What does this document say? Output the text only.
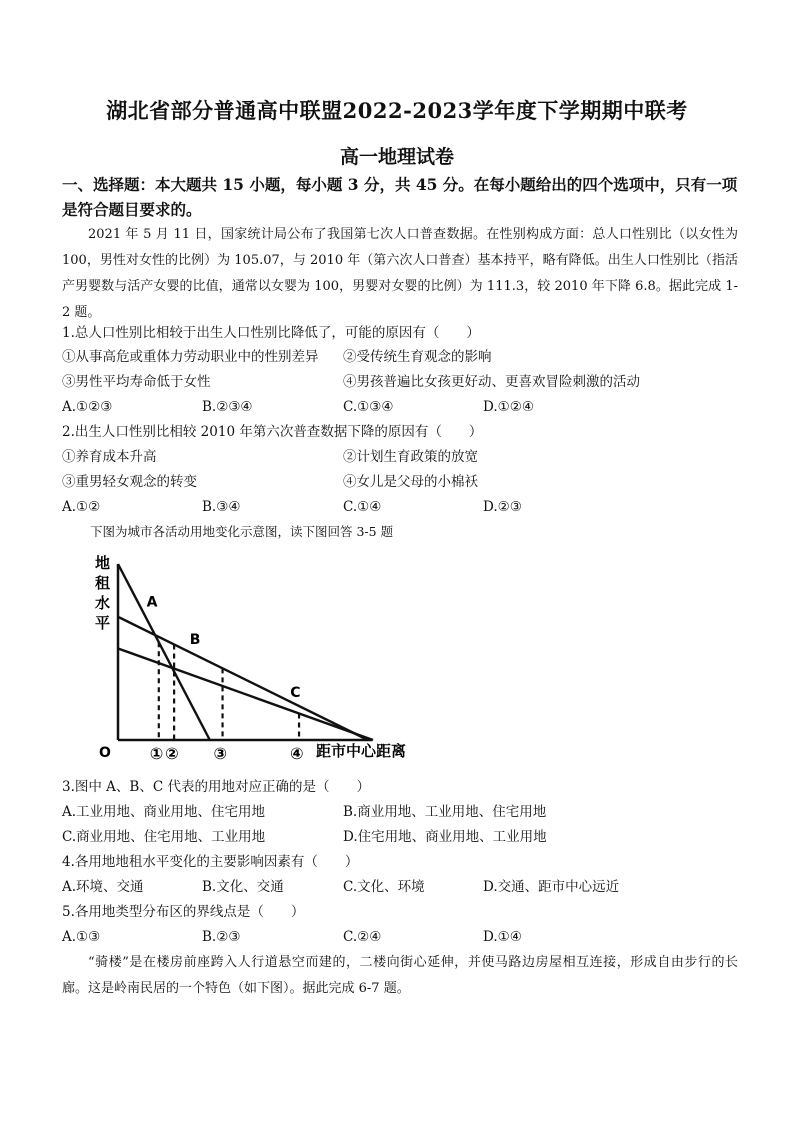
湖北省部分普通高中联盟2022-2023学年度下学期期中联考
高一地理试卷
一、选择题：本大题共 15 小题，每小题 3 分，共 45 分。在每小题给出的四个选项中，只有一项是符合题目要求的。
2021 年 5 月 11 日，国家统计局公布了我国第七次人口普查数据。在性别构成方面：总人口性别比（以女性为 100，男性对女性的比例）为 105.07，与 2010 年（第六次人口普查）基本持平，略有降低。出生人口性别比（指活产男婴数与活产女婴的比值，通常以女婴为 100，男婴对女婴的比例）为 111.3，较 2010 年下降 6.8。据此完成 1-2 题。
1.总人口性别比相较于出生人口性别比降低了，可能的原因有（　　）
①从事高危或重体力劳动职业中的性别差异 ②受传统生育观念的影响
③男性平均寿命低于女性	④男孩普遍比女孩更好动、更喜欢冒险刺激的活动
A.①②③	B.②③④	C.①③④	D.①②④
2.出生人口性别比相较 2010 年第六次普查数据下降的原因有（　　）
①养育成本升高	②计划生育政策的放宽
③重男轻女观念的转变	④女儿是父母的小棉袄
A.①②	B.③④	C.①④	D.②③
下图为城市各活动用地变化示意图，读下图回答 3-5 题
O
地
租
水
平
距市中心距离
A
B
C
① ② ③	④
3.图中 A、B、C 代表的用地对应正确的是（　　）
A.工业用地、商业用地、住宅用地	B.商业用地、工业用地、住宅用地
C.商业用地、住宅用地、工业用地	D.住宅用地、商业用地、工业用地
4.各用地地租水平变化的主要影响因素有（　　）
A.环境、交通	B.文化、交通	C.文化、环境	D.交通、距市中心远近
5.各用地类型分布区的界线点是（　　）
A.①③	B.②③	C.②④	D.①④
“骑楼”是在楼房前座跨入人行道悬空而建的，二楼向街心延伸，并使马路边房屋相互连接，形成自由步行的长廊。这是岭南民居的一个特色（如下图）。据此完成 6-7 题。
